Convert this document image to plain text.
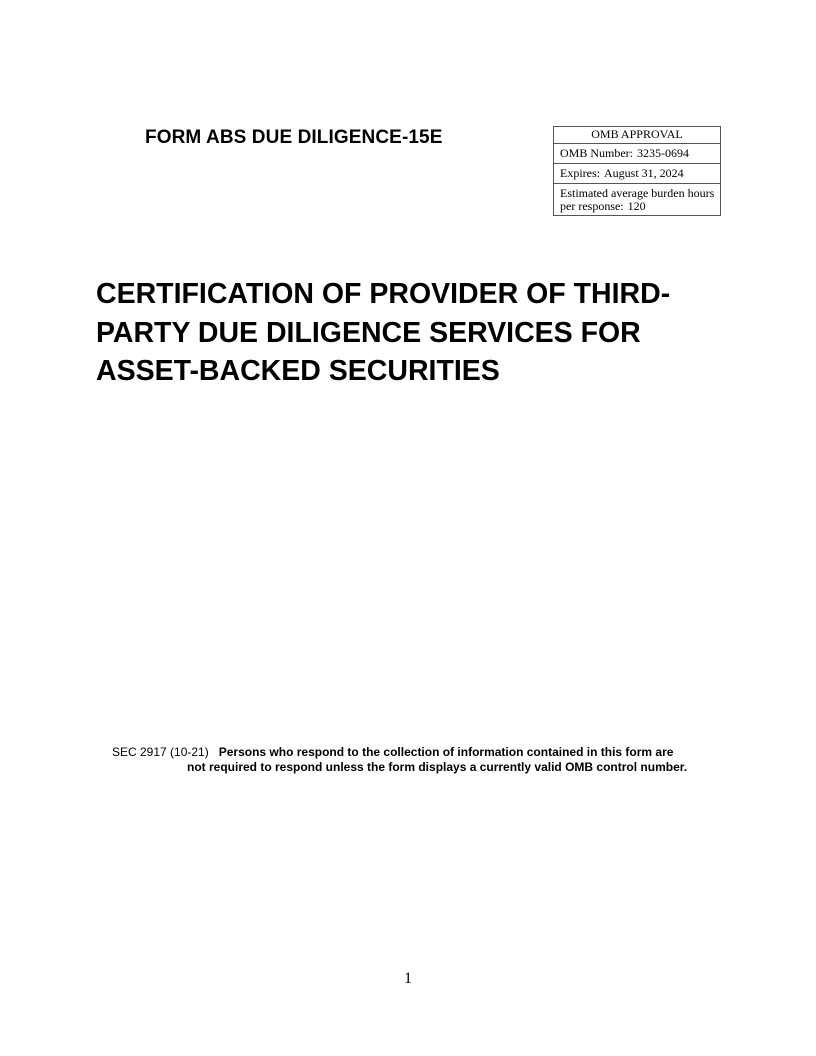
FORM ABS DUE DILIGENCE-15E	OMB APPROVAL
OMB Number: 3235-0694
Expires: August 31, 2024
Estimated average burden hours per response: 120
CERTIFICATION OF PROVIDER OF THIRD-
PARTY DUE DILIGENCE SERVICES FOR
ASSET-BACKED SECURITIES
SEC 2917 (10-21) Persons who respond to the collection of information contained in this form are
not required to respond unless the form displays a currently valid OMB control number.
1
